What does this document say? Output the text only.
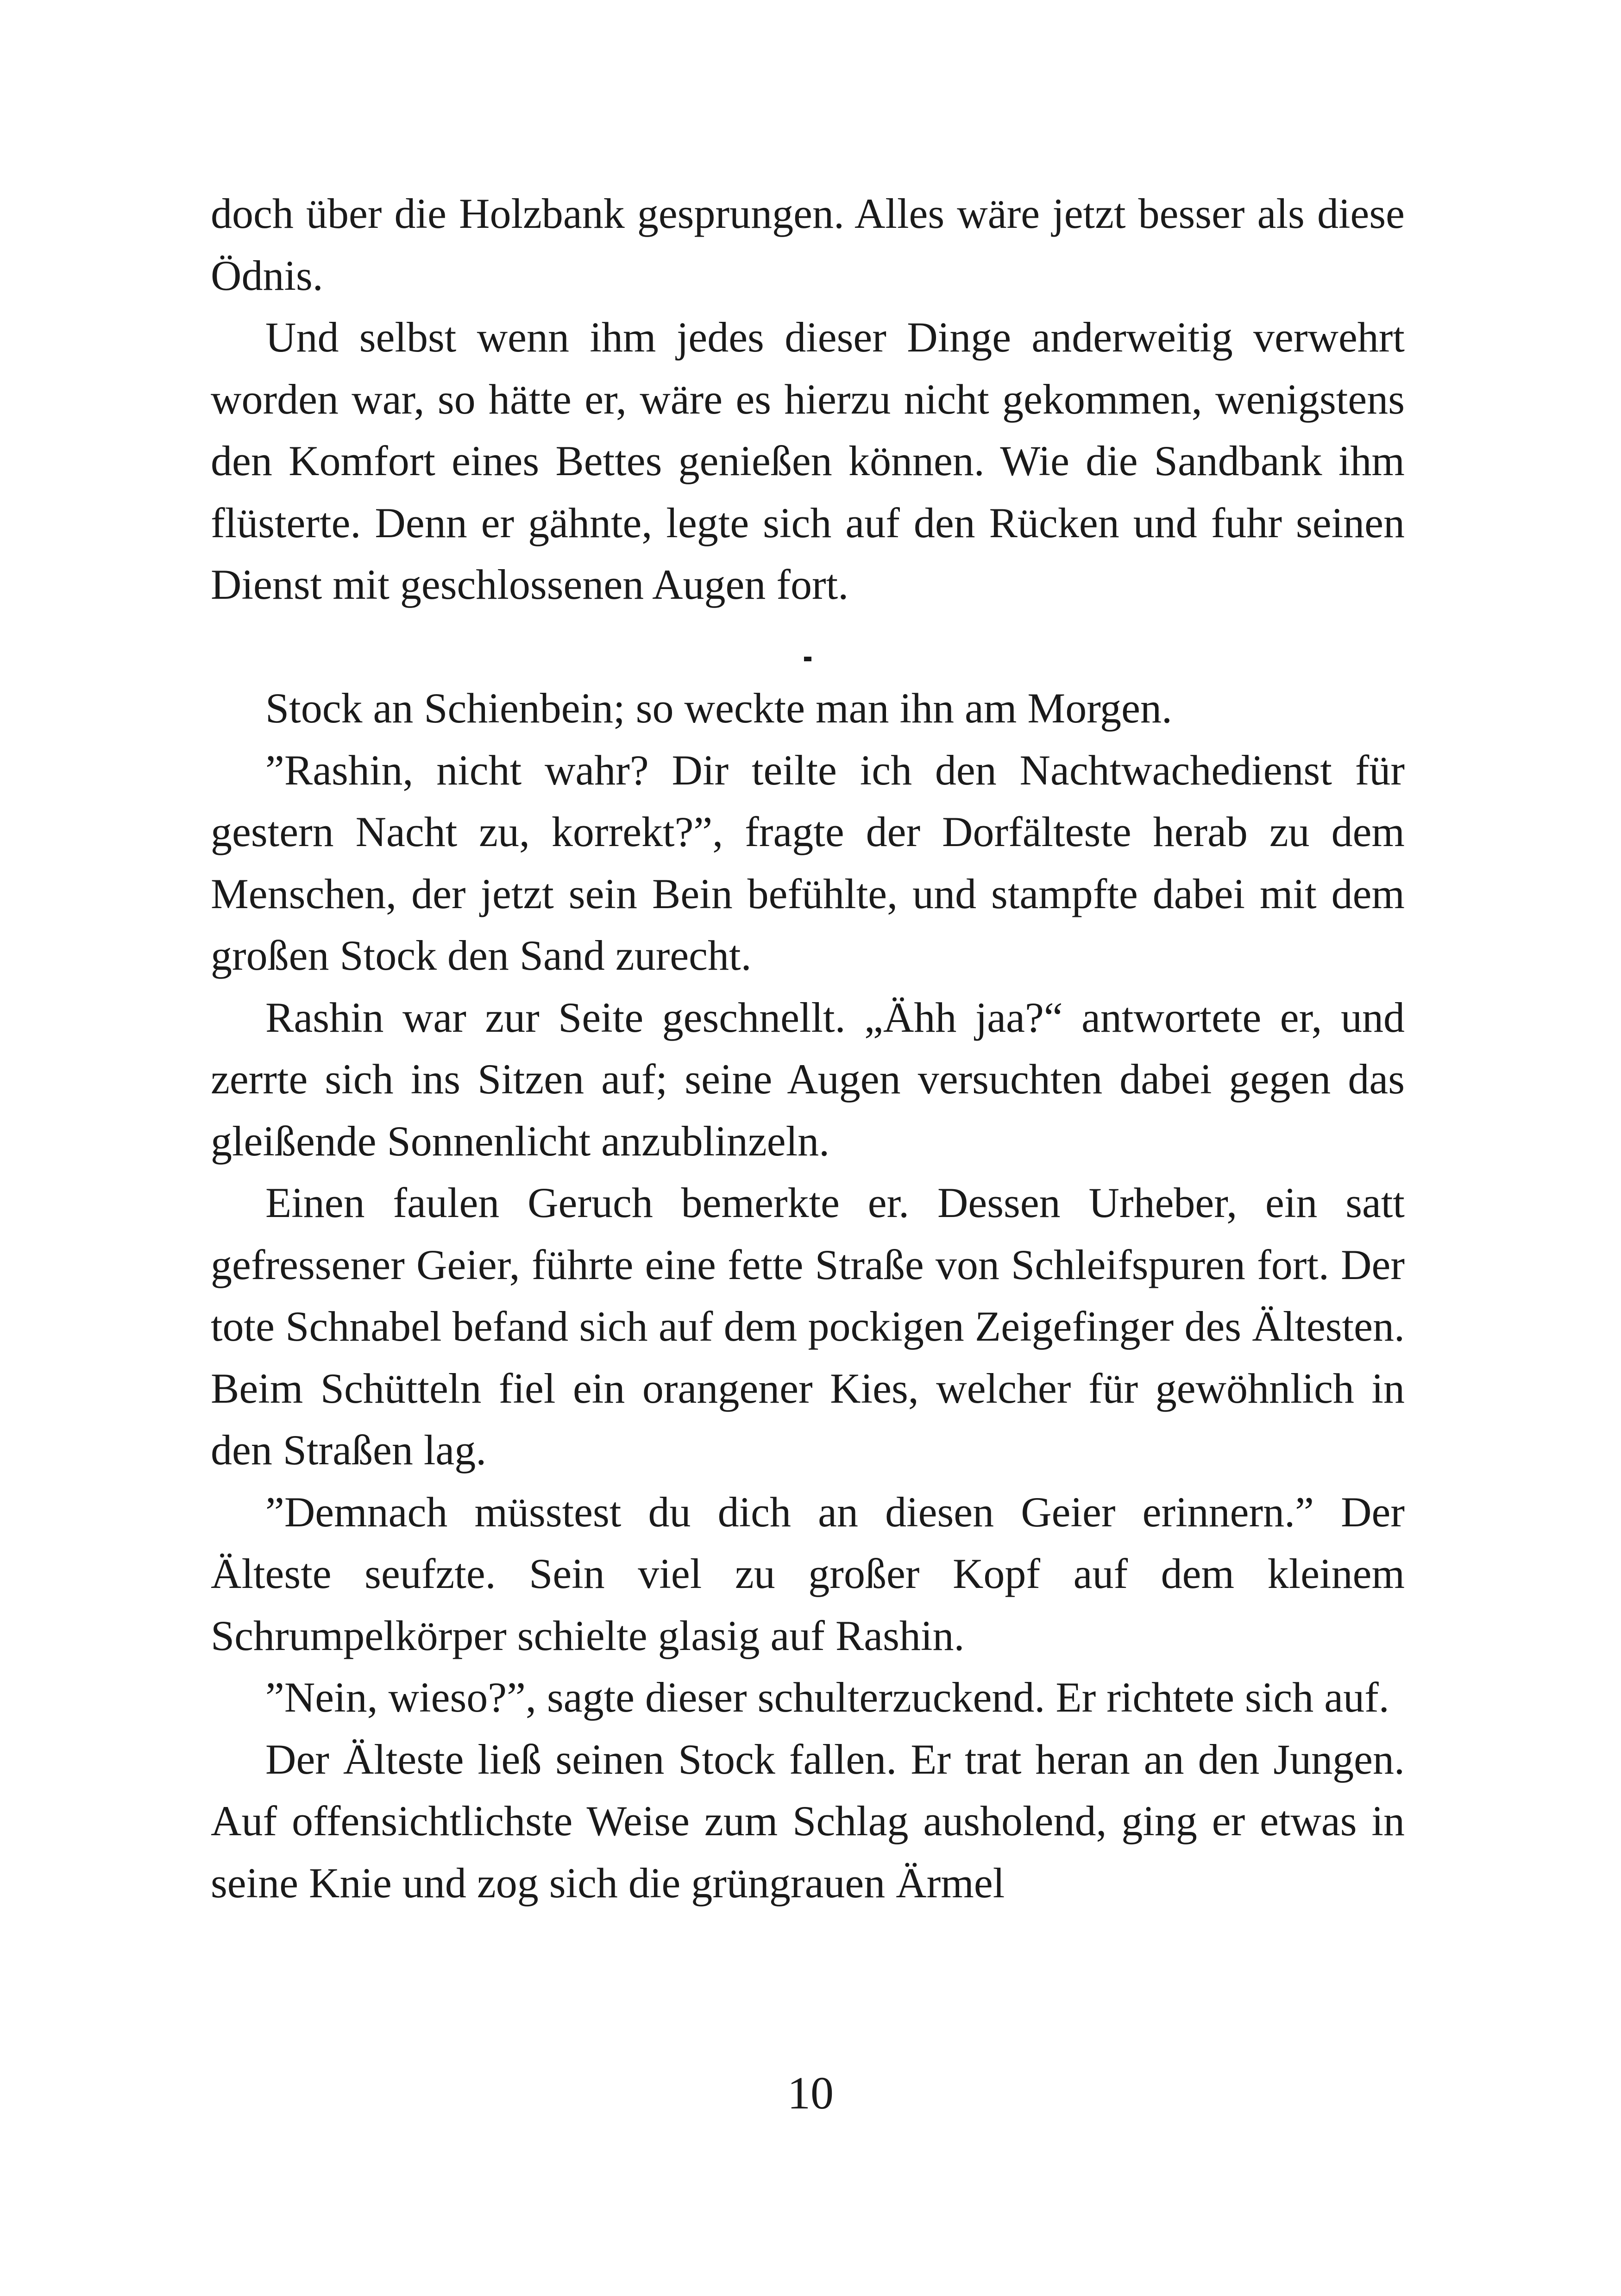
doch über die Holzbank gesprungen. Alles wäre jetzt besser als diese Ödnis.

Und selbst wenn ihm jedes dieser Dinge anderweitig verwehrt worden war, so hätte er, wäre es hierzu nicht gekommen, wenigstens den Komfort eines Bettes genießen können. Wie die Sandbank ihm flüsterte. Denn er gähnte, legte sich auf den Rücken und fuhr seinen Dienst mit geschlossenen Augen fort.

Stock an Schienbein; so weckte man ihn am Morgen.

”Rashin, nicht wahr? Dir teilte ich den Nachtwachedienst für gestern Nacht zu, korrekt?”, fragte der Dorfälteste herab zu dem Menschen, der jetzt sein Bein befühlte, und stampfte dabei mit dem großen Stock den Sand zurecht.

Rashin war zur Seite geschnellt. „Ähh jaa?“ antwortete er, und zerrte sich ins Sitzen auf; seine Augen versuchten dabei gegen das gleißende Sonnenlicht anzublinzeln.

Einen faulen Geruch bemerkte er. Dessen Urheber, ein satt gefressener Geier, führte eine fette Straße von Schleifspuren fort. Der tote Schnabel befand sich auf dem pockigen Zeigefinger des Ältesten. Beim Schütteln fiel ein orangener Kies, welcher für gewöhnlich in den Straßen lag.

”Demnach müsstest du dich an diesen Geier erinnern.” Der Älteste seufzte. Sein viel zu großer Kopf auf dem kleinem Schrumpelkörper schielte glasig auf Rashin.

”Nein, wieso?”, sagte dieser schulterzuckend. Er richtete sich auf.

Der Älteste ließ seinen Stock fallen. Er trat heran an den Jungen. Auf offensichtlichste Weise zum Schlag ausholend, ging er etwas in seine Knie und zog sich die grüngrauen Ärmel

10
